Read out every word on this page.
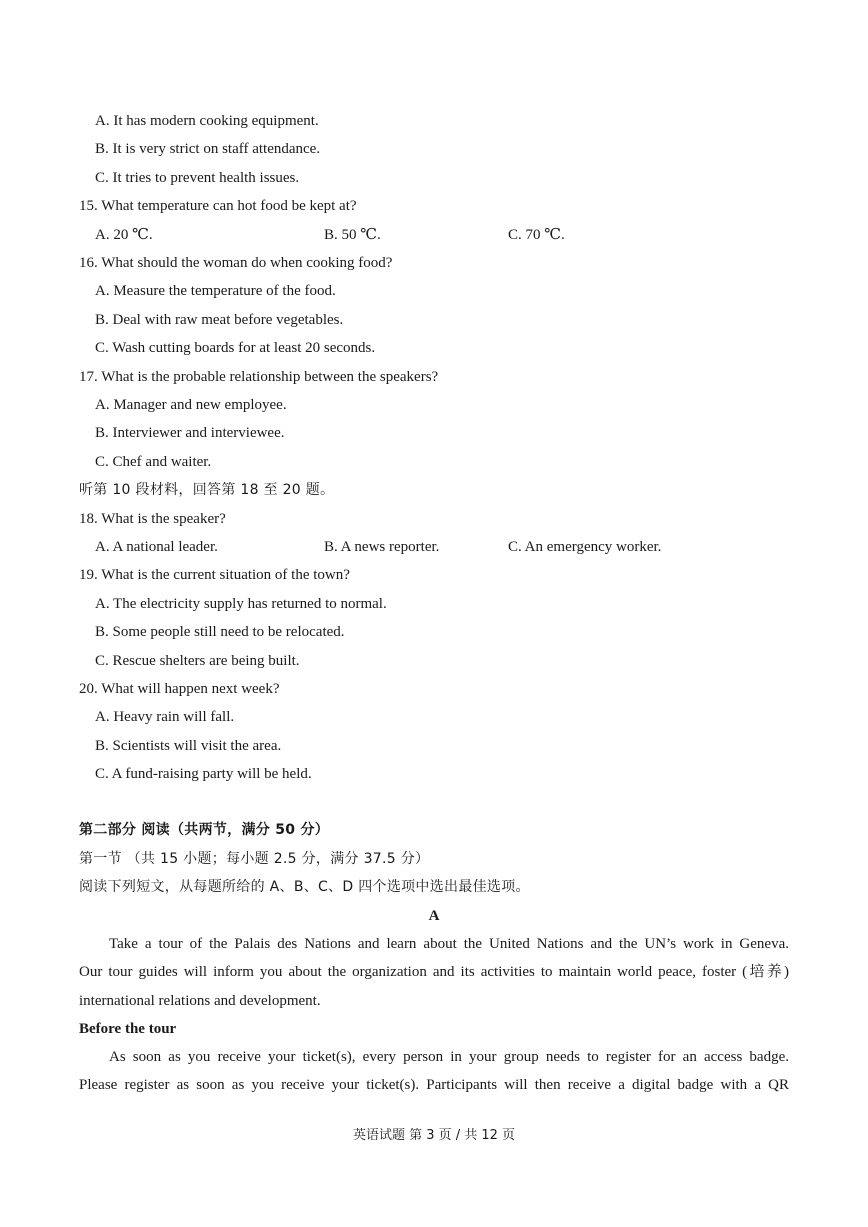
A. It has modern cooking equipment.
B. It is very strict on staff attendance.
C. It tries to prevent health issues.
15. What temperature can hot food be kept at?
A. 20 ℃.	B. 50 ℃.	C. 70 ℃.
16. What should the woman do when cooking food?
A. Measure the temperature of the food.
B. Deal with raw meat before vegetables.
C. Wash cutting boards for at least 20 seconds.
17. What is the probable relationship between the speakers?
A. Manager and new employee.
B. Interviewer and interviewee.
C. Chef and waiter.
听第 10 段材料，回答第 18 至 20 题。
18. What is the speaker?
A. A national leader.	B. A news reporter.	C. An emergency worker.
19. What is the current situation of the town?
A. The electricity supply has returned to normal.
B. Some people still need to be relocated.
C. Rescue shelters are being built.
20. What will happen next week?
A. Heavy rain will fall.
B. Scientists will visit the area.
C. A fund-raising party will be held.
第二部分 阅读（共两节，满分 50 分）
第一节 （共 15 小题；每小题 2.5 分，满分 37.5 分）
阅读下列短文，从每题所给的 A、B、C、D 四个选项中选出最佳选项。
A
Take a tour of the Palais des Nations and learn about the United Nations and the UN’s work in Geneva.
Our tour guides will inform you about the organization and its activities to maintain world peace, foster (培养)
international relations and development.
Before the tour
As soon as you receive your ticket(s), every person in your group needs to register for an access badge.
Please register as soon as you receive your ticket(s). Participants will then receive a digital badge with a QR
英语试题 第 3 页 / 共 12 页
